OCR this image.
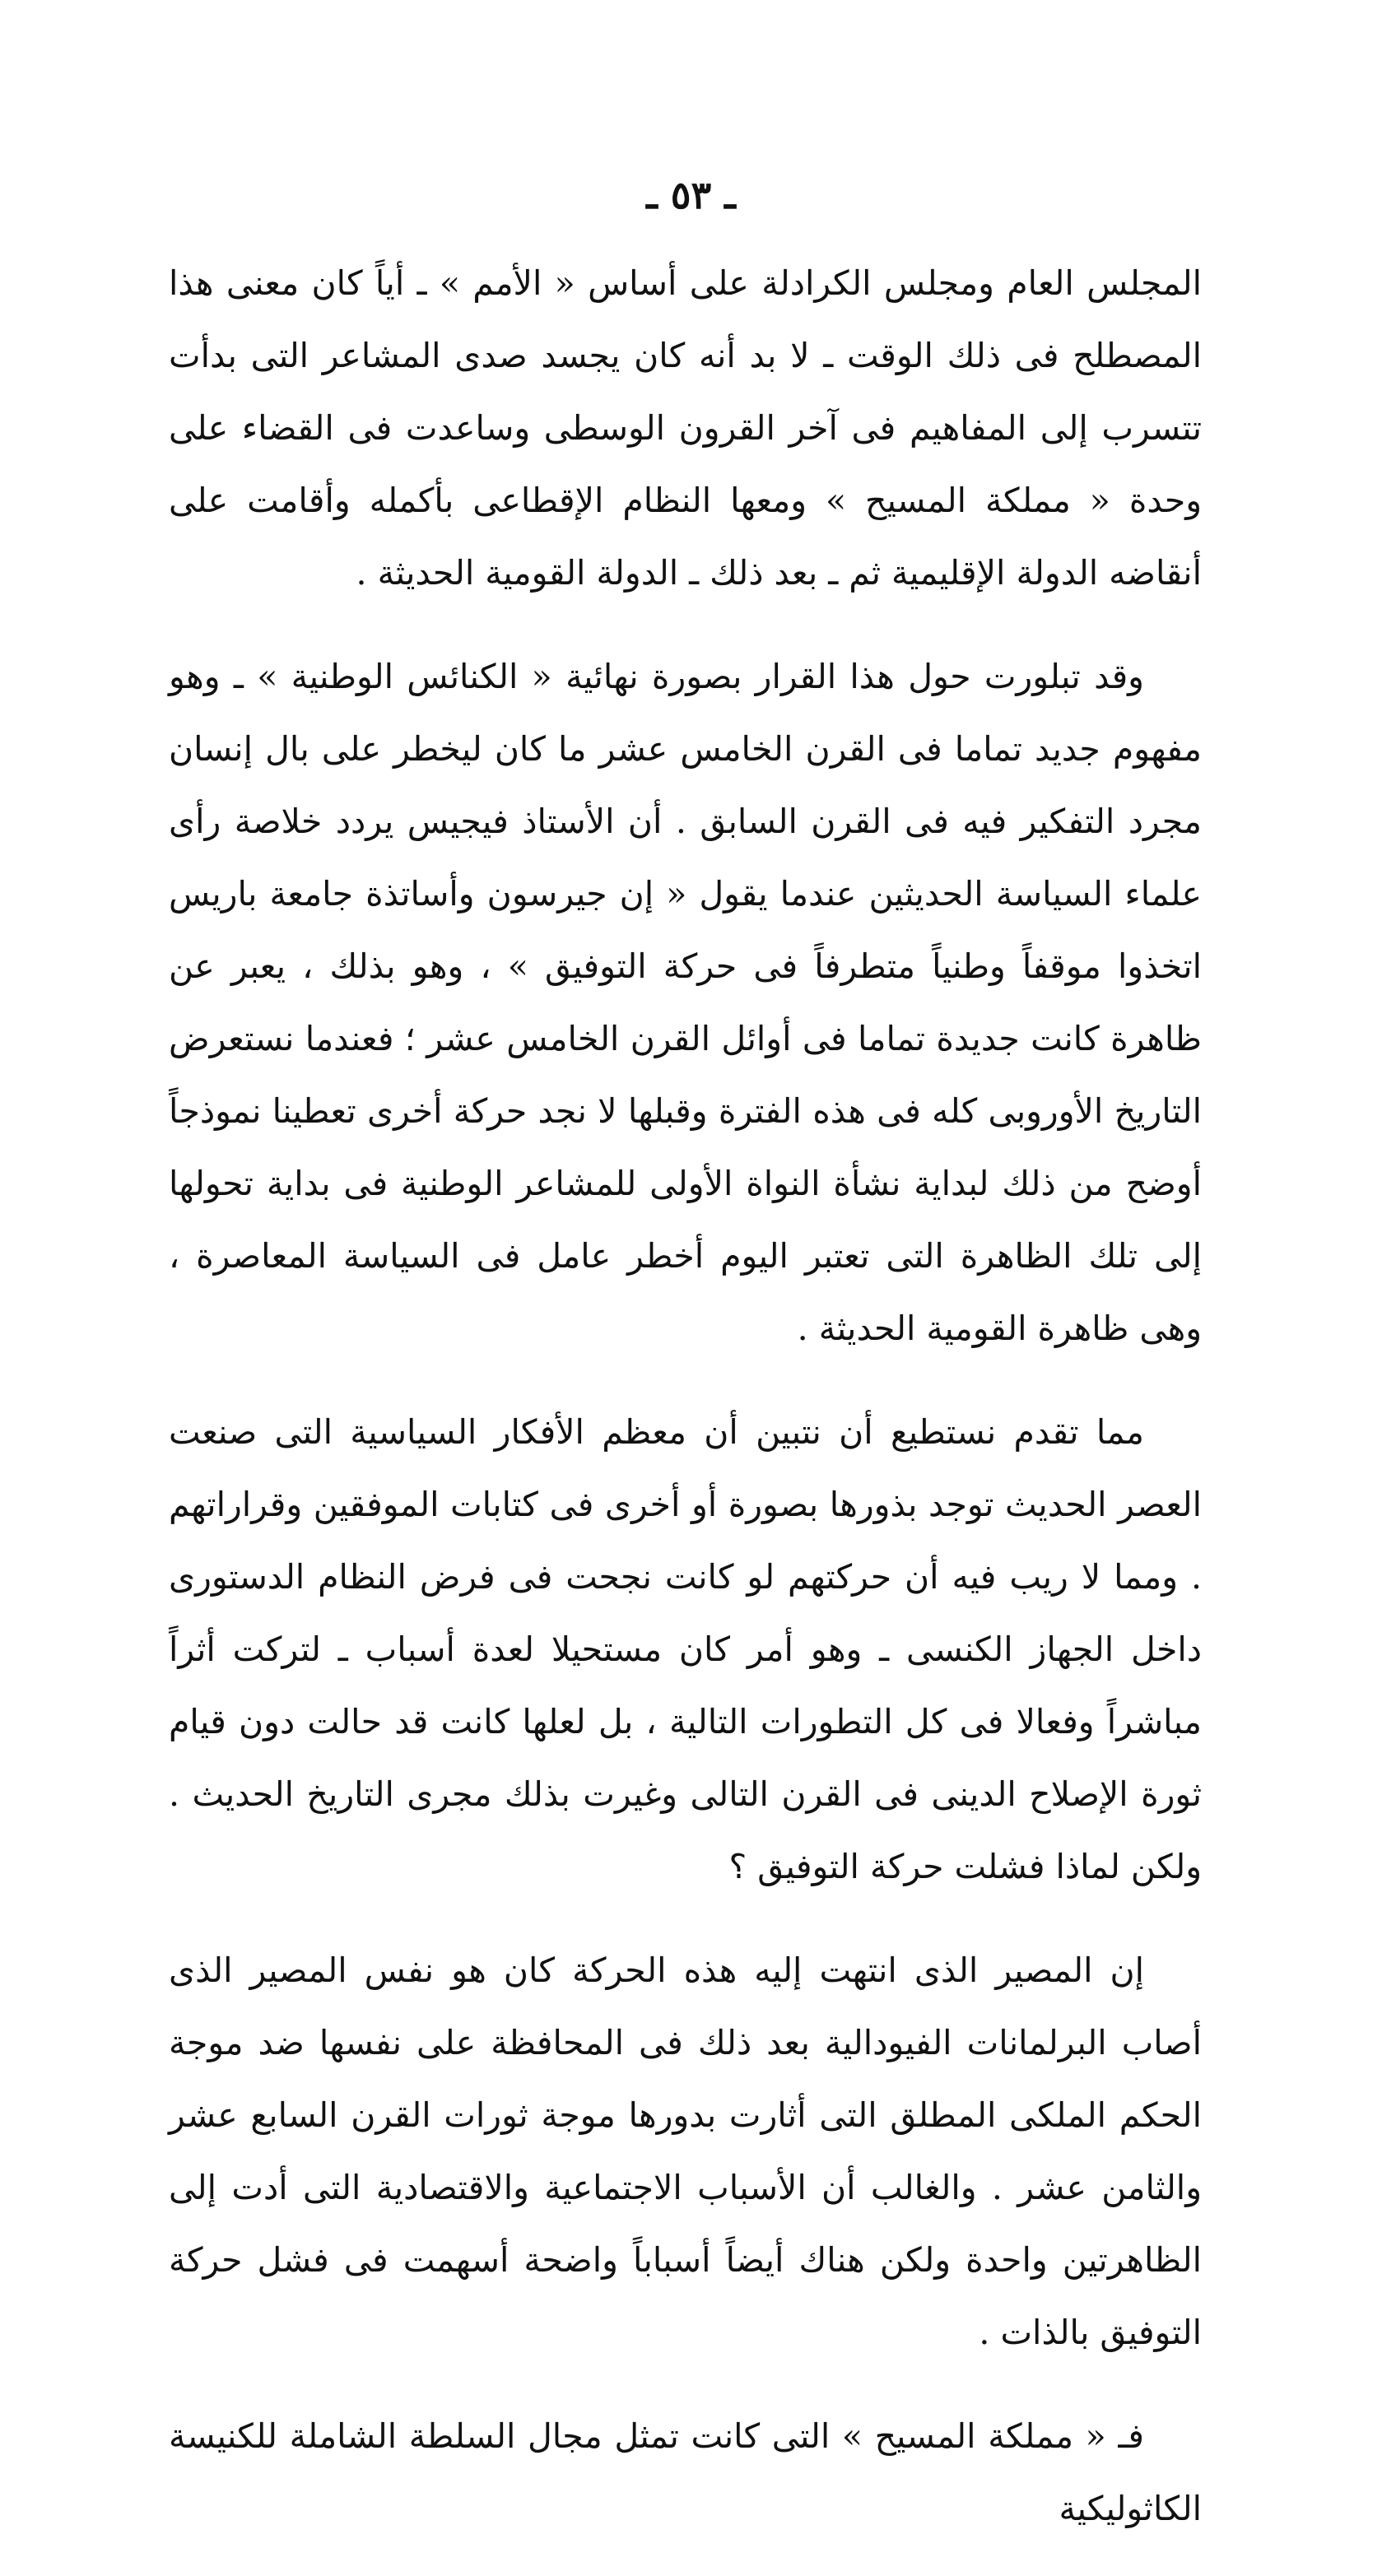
ـ ٥٣ ـ

المجلس العام ومجلس الكرادلة على أساس « الأمم » ـ أياً كان معنى هذا المصطلح فى ذلك الوقت ـ لا بد أنه كان يجسد صدى المشاعر التى بدأت تتسرب إلى المفاهيم فى آخر القرون الوسطى وساعدت فى القضاء على وحدة « مملكة المسيح » ومعها النظام الإقطاعى بأكمله وأقامت على أنقاضه الدولة الإقليمية ثم ـ بعد ذلك ـ الدولة القومية الحديثة .

وقد تبلورت حول هذا القرار بصورة نهائية « الكنائس الوطنية » ـ وهو مفهوم جديد تماما فى القرن الخامس عشر ما كان ليخطر على بال إنسان مجرد التفكير فيه فى القرن السابق . أن الأستاذ فيجيس يردد خلاصة رأى علماء السياسة الحديثين عندما يقول « إن جيرسون وأساتذة جامعة باريس اتخذوا موقفاً وطنياً متطرفاً فى حركة التوفيق » ، وهو بذلك ، يعبر عن ظاهرة كانت جديدة تماما فى أوائل القرن الخامس عشر ؛ فعندما نستعرض التاريخ الأوروبى كله فى هذه الفترة وقبلها لا نجد حركة أخرى تعطينا نموذجاً أوضح من ذلك لبداية نشأة النواة الأولى للمشاعر الوطنية فى بداية تحولها إلى تلك الظاهرة التى تعتبر اليوم أخطر عامل فى السياسة المعاصرة ، وهى ظاهرة القومية الحديثة .

مما تقدم نستطيع أن نتبين أن معظم الأفكار السياسية التى صنعت العصر الحديث توجد بذورها بصورة أو أخرى فى كتابات الموفقين وقراراتهم . ومما لا ريب فيه أن حركتهم لو كانت نجحت فى فرض النظام الدستورى داخل الجهاز الكنسى ـ وهو أمر كان مستحيلا لعدة أسباب ـ لتركت أثراً مباشراً وفعالا فى كل التطورات التالية ، بل لعلها كانت قد حالت دون قيام ثورة الإصلاح الدينى فى القرن التالى وغيرت بذلك مجرى التاريخ الحديث . ولكن لماذا فشلت حركة التوفيق ؟

إن المصير الذى انتهت إليه هذه الحركة كان هو نفس المصير الذى أصاب البرلمانات الفيودالية بعد ذلك فى المحافظة على نفسها ضد موجة الحكم الملكى المطلق التى أثارت بدورها موجة ثورات القرن السابع عشر والثامن عشر . والغالب أن الأسباب الاجتماعية والاقتصادية التى أدت إلى الظاهرتين واحدة ولكن هناك أيضاً أسباباً واضحة أسهمت فى فشل حركة التوفيق بالذات .

فـ « مملكة المسيح » التى كانت تمثل مجال السلطة الشاملة للكنيسة الكاثوليكية
